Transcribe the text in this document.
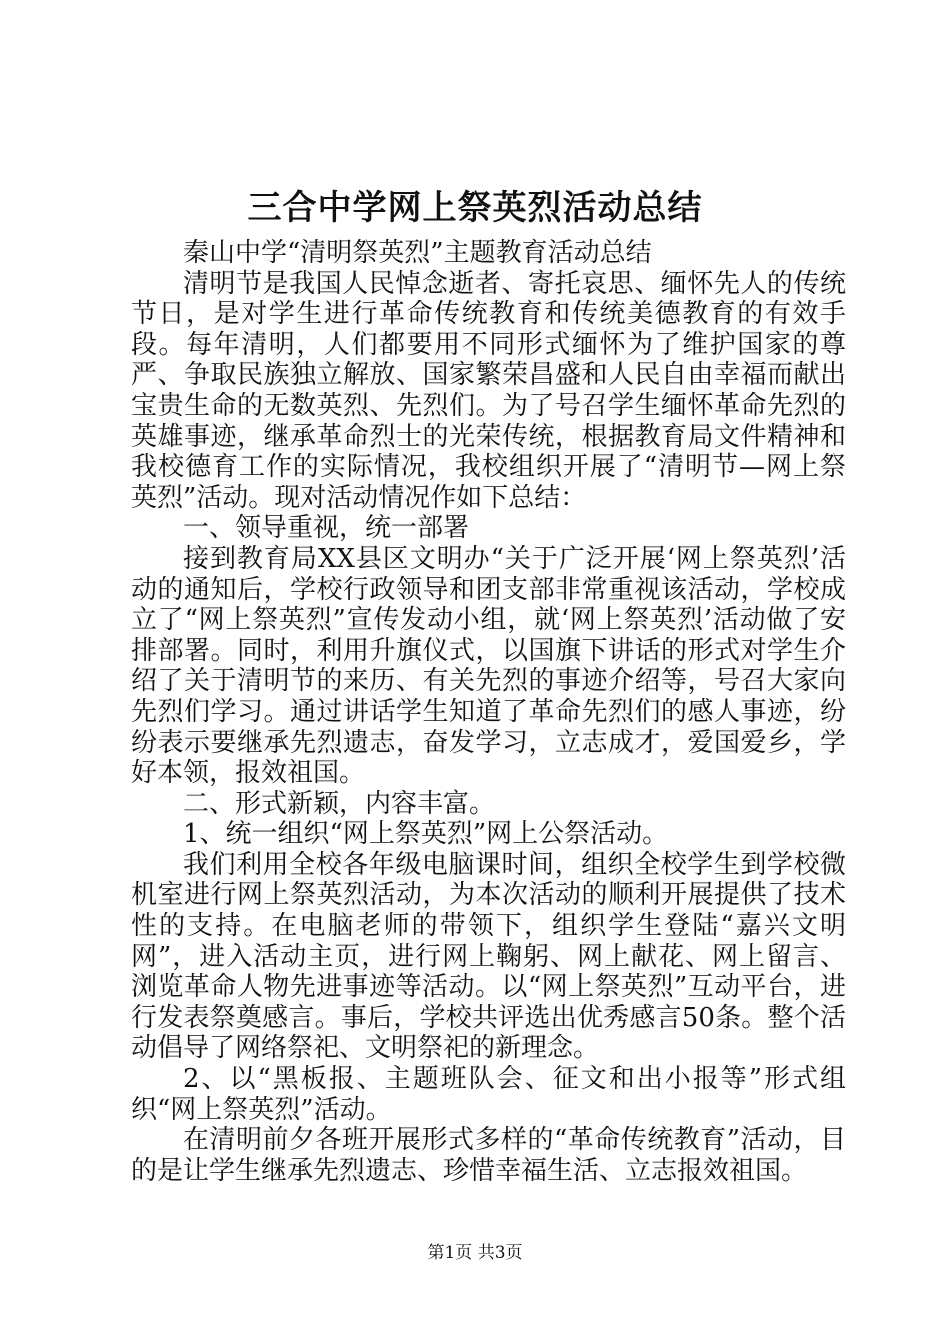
三合中学网上祭英烈活动总结

秦山中学“清明祭英烈”主题教育活动总结

清明节是我国人民悼念逝者、寄托哀思、缅怀先人的传统节日，是对学生进行革命传统教育和传统美德教育的有效手段。每年清明，人们都要用不同形式缅怀为了维护国家的尊严、争取民族独立解放、国家繁荣昌盛和人民自由幸福而献出宝贵生命的无数英烈、先烈们。为了号召学生缅怀革命先烈的英雄事迹，继承革命烈士的光荣传统，根据教育局文件精神和我校德育工作的实际情况，我校组织开展了“清明节—网上祭英烈”活动。现对活动情况作如下总结：

一、领导重视，统一部署

接到教育局XX县区文明办“关于广泛开展‘网上祭英烈’活动的通知后，学校行政领导和团支部非常重视该活动，学校成立了“网上祭英烈”宣传发动小组，就‘网上祭英烈’活动做了安排部署。同时，利用升旗仪式，以国旗下讲话的形式对学生介绍了关于清明节的来历、有关先烈的事迹介绍等，号召大家向先烈们学习。通过讲话学生知道了革命先烈们的感人事迹，纷纷表示要继承先烈遗志，奋发学习，立志成才，爱国爱乡，学好本领，报效祖国。

二、形式新颖，内容丰富。

1、统一组织“网上祭英烈”网上公祭活动。

我们利用全校各年级电脑课时间，组织全校学生到学校微机室进行网上祭英烈活动，为本次活动的顺利开展提供了技术性的支持。在电脑老师的带领下，组织学生登陆“嘉兴文明网”，进入活动主页，进行网上鞠躬、网上献花、网上留言、浏览革命人物先进事迹等活动。以“网上祭英烈”互动平台，进行发表祭奠感言。事后，学校共评选出优秀感言50条。整个活动倡导了网络祭祀、文明祭祀的新理念。

2、以“黑板报、主题班队会、征文和出小报等”形式组织“网上祭英烈”活动。

在清明前夕各班开展形式多样的“革命传统教育”活动，目的是让学生继承先烈遗志、珍惜幸福生活、立志报效祖国。

第1页 共3页
